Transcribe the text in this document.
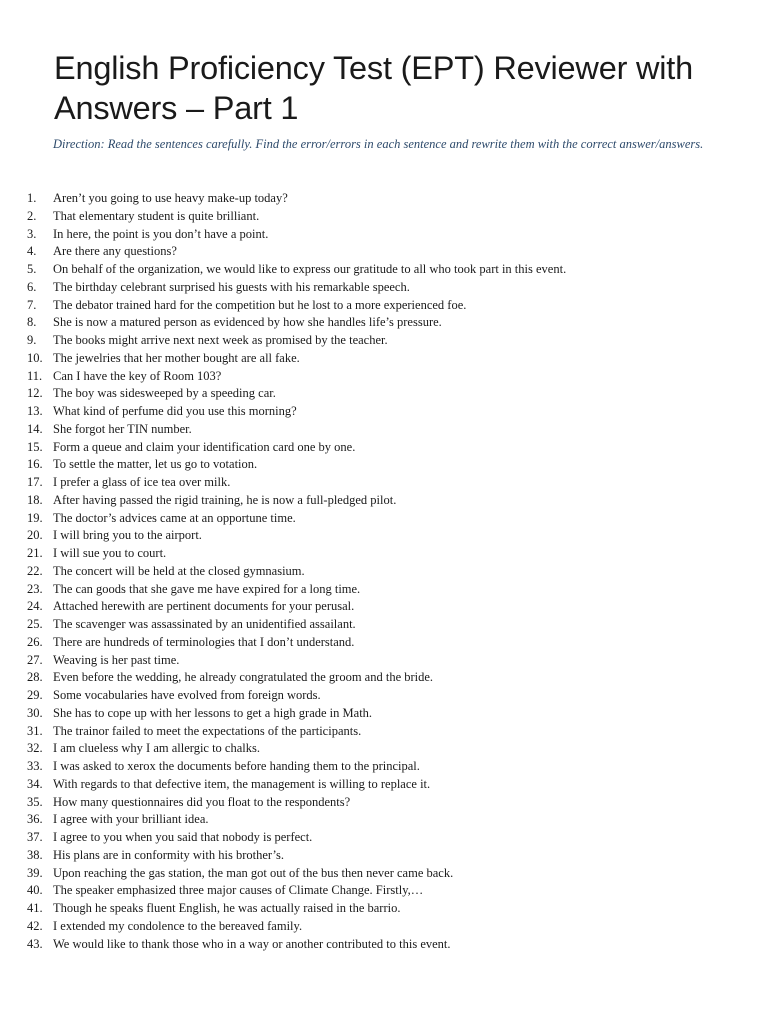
English Proficiency Test (EPT) Reviewer with Answers – Part 1

Direction: Read the sentences carefully. Find the error/errors in each sentence and rewrite them with the correct answer/answers.

1. Aren’t you going to use heavy make-up today?
2. That elementary student is quite brilliant.
3. In here, the point is you don’t have a point.
4. Are there any questions?
5. On behalf of the organization, we would like to express our gratitude to all who took part in this event.
6. The birthday celebrant surprised his guests with his remarkable speech.
7. The debator trained hard for the competition but he lost to a more experienced foe.
8. She is now a matured person as evidenced by how she handles life’s pressure.
9. The books might arrive next next week as promised by the teacher.
10. The jewelries that her mother bought are all fake.
11. Can I have the key of Room 103?
12. The boy was sidesweeped by a speeding car.
13. What kind of perfume did you use this morning?
14. She forgot her TIN number.
15. Form a queue and claim your identification card one by one.
16. To settle the matter, let us go to votation.
17. I prefer a glass of ice tea over milk.
18. After having passed the rigid training, he is now a full-pledged pilot.
19. The doctor’s advices came at an opportune time.
20. I will bring you to the airport.
21. I will sue you to court.
22. The concert will be held at the closed gymnasium.
23. The can goods that she gave me have expired for a long time.
24. Attached herewith are pertinent documents for your perusal.
25. The scavenger was assassinated by an unidentified assailant.
26. There are hundreds of terminologies that I don’t understand.
27. Weaving is her past time.
28. Even before the wedding, he already congratulated the groom and the bride.
29. Some vocabularies have evolved from foreign words.
30. She has to cope up with her lessons to get a high grade in Math.
31. The trainor failed to meet the expectations of the participants.
32. I am clueless why I am allergic to chalks.
33. I was asked to xerox the documents before handing them to the principal.
34. With regards to that defective item, the management is willing to replace it.
35. How many questionnaires did you float to the respondents?
36. I agree with your brilliant idea.
37. I agree to you when you said that nobody is perfect.
38. His plans are in conformity with his brother’s.
39. Upon reaching the gas station, the man got out of the bus then never came back.
40. The speaker emphasized three major causes of Climate Change. Firstly,…
41. Though he speaks fluent English, he was actually raised in the barrio.
42. I extended my condolence to the bereaved family.
43. We would like to thank those who in a way or another contributed to this event.
